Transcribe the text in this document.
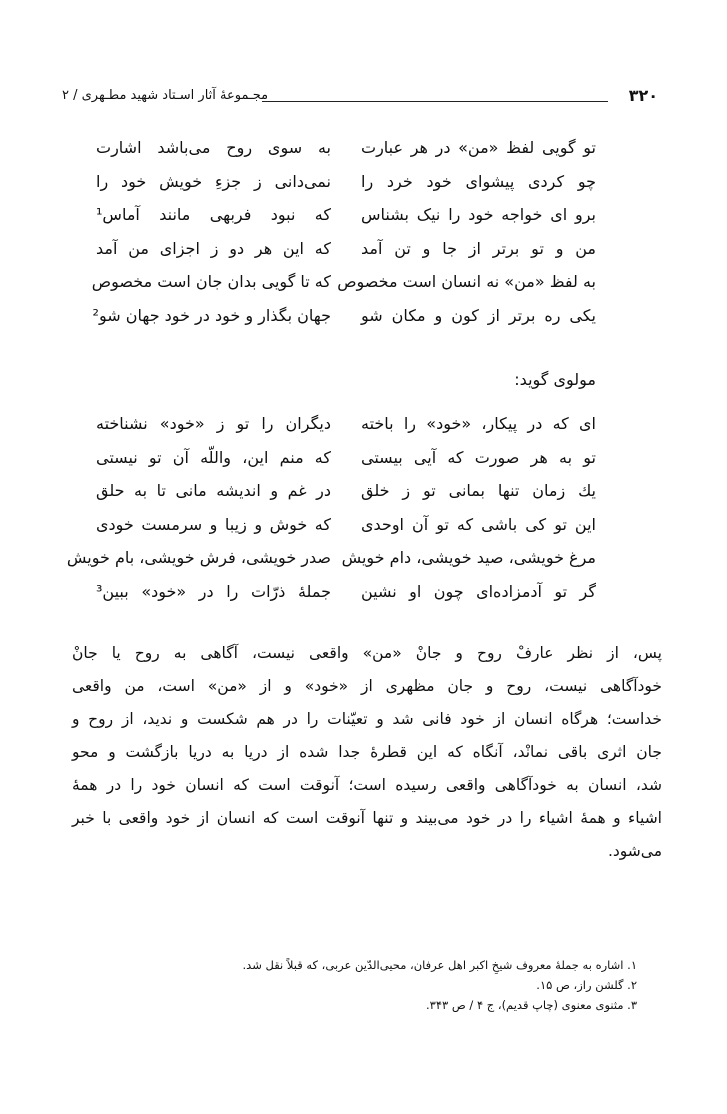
۳۲۰
مجـموعهٔ آثار اسـتاد شهید مطـهری / ۲
تو گویی لفظ «من» در هر عبارت
به سوی روح می‌باشد اشارت
چو کردی پیشوای خود خرد را
نمی‌دانی ز جزءِ خویش خود را
برو ای خواجه خود را نیک بشناس
که نبود فربهی مانند آماس¹
من و تو برتر از جا و تن آمد
که این هر دو ز اجزای من آمد
به لفظ «من» نه انسان است مخصوص
که تا گویی بدان جان است مخصوص
یکی ره برتر از کون و مکان شو
جهان بگذار و خود در خود جهان شو²
مولوی گوید:
ای که در پیکار، «خود» را باخته
دیگران را تو ز «خود» نشناخته
تو به هر صورت که آیی بیستی
که منم این، واللّه آن تو نیستی
یك زمان تنها بمانی تو ز خلق
در غم و اندیشه مانی تا به حلق
این تو کی باشی که تو آن اوحدی
که خوش و زیبا و سرمست خودی
مرغ خویشی، صید خویشی، دام خویش
صدر خویشی، فرش خویشی، بام خویش
گر تو آدمزاده‌ای چون او نشین
جملهٔ ذرّات را در «خود» ببین³
پس، از نظر عارفْ روح و جانْ «من» واقعی نیست، آگاهی به روح یا جانْ
خودآگاهی نیست، روح و جان مظهری از «خود» و از «من» است، من واقعی
خداست؛ هرگاه انسان از خود فانی شد و تعیّنات را در هم شکست و ندید، از روح و
جان اثری باقی نمانْد، آنگاه که این قطرهٔ جدا شده از دریا به دریا بازگشت و محو
شد، انسان به خودآگاهی واقعی رسیده است؛ آنوقت است که انسان خود را در همهٔ
اشیاء و همهٔ اشیاء را در خود می‌بیند و تنها آنوقت است که انسان از خود واقعی با خبر
می‌شود.
۱. اشاره به جملهٔ معروف شیخِ اکبر اهل عرفان، محیی‌الدّین عربی، که قبلاً نقل شد.
۲. گلشن راز، ص ۱۵.
۳. مثنوی معنوی (چاپ قدیم)، ج ۴ / ص ۳۴۳.
